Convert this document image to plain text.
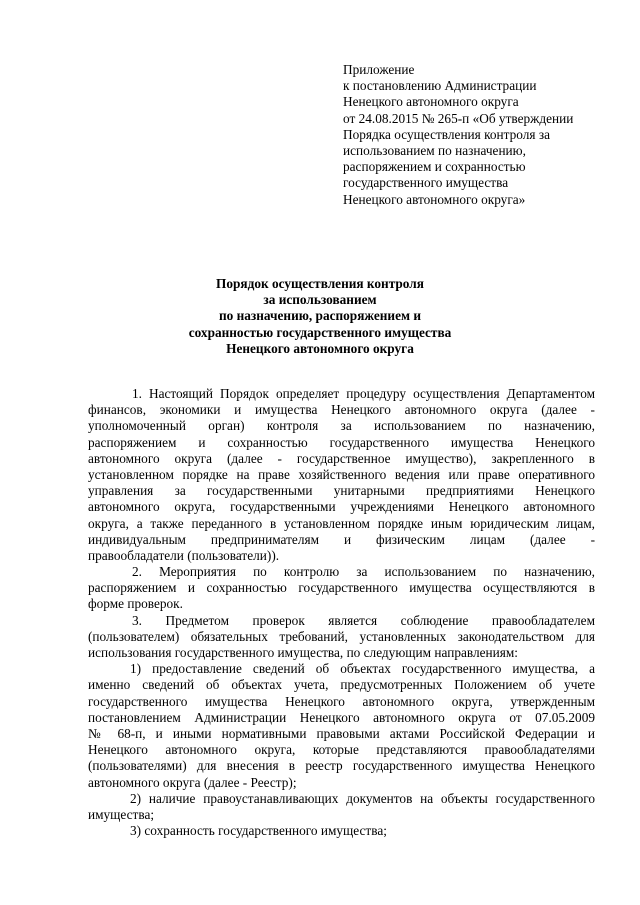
Приложение
к постановлению Администрации
Ненецкого автономного округа
от 24.08.2015 № 265-п «Об утверждении
Порядка осуществления контроля за
использованием по назначению,
распоряжением и сохранностью
государственного имущества
Ненецкого автономного округа»
Порядок осуществления контроля
за использованием
по назначению, распоряжением и
сохранностью государственного имущества
Ненецкого автономного округа
1. Настоящий Порядок определяет процедуру осуществления Департаментом
финансов, экономики и имущества Ненецкого автономного округа (далее -
уполномоченный орган) контроля за использованием по назначению,
распоряжением и сохранностью государственного имущества Ненецкого
автономного округа (далее - государственное имущество), закрепленного в
установленном порядке на праве хозяйственного ведения или праве оперативного
управления за государственными унитарными предприятиями Ненецкого
автономного округа, государственными учреждениями Ненецкого автономного
округа, а также переданного в установленном порядке иным юридическим лицам,
индивидуальным предпринимателям и физическим лицам (далее -
правообладатели (пользователи)).
2. Мероприятия по контролю за использованием по назначению,
распоряжением и сохранностью государственного имущества осуществляются в
форме проверок.
3. Предметом проверок является соблюдение правообладателем
(пользователем) обязательных требований, установленных законодательством для
использования государственного имущества, по следующим направлениям:
1) предоставление сведений об объектах государственного имущества, а
именно сведений об объектах учета, предусмотренных Положением об учете
государственного имущества Ненецкого автономного округа, утвержденным
постановлением Администрации Ненецкого автономного округа от 07.05.2009
№ 68-п, и иными нормативными правовыми актами Российской Федерации и
Ненецкого автономного округа, которые представляются правообладателями
(пользователями) для внесения в реестр государственного имущества Ненецкого
автономного округа (далее - Реестр);
2) наличие правоустанавливающих документов на объекты государственного
имущества;
3) сохранность государственного имущества;
